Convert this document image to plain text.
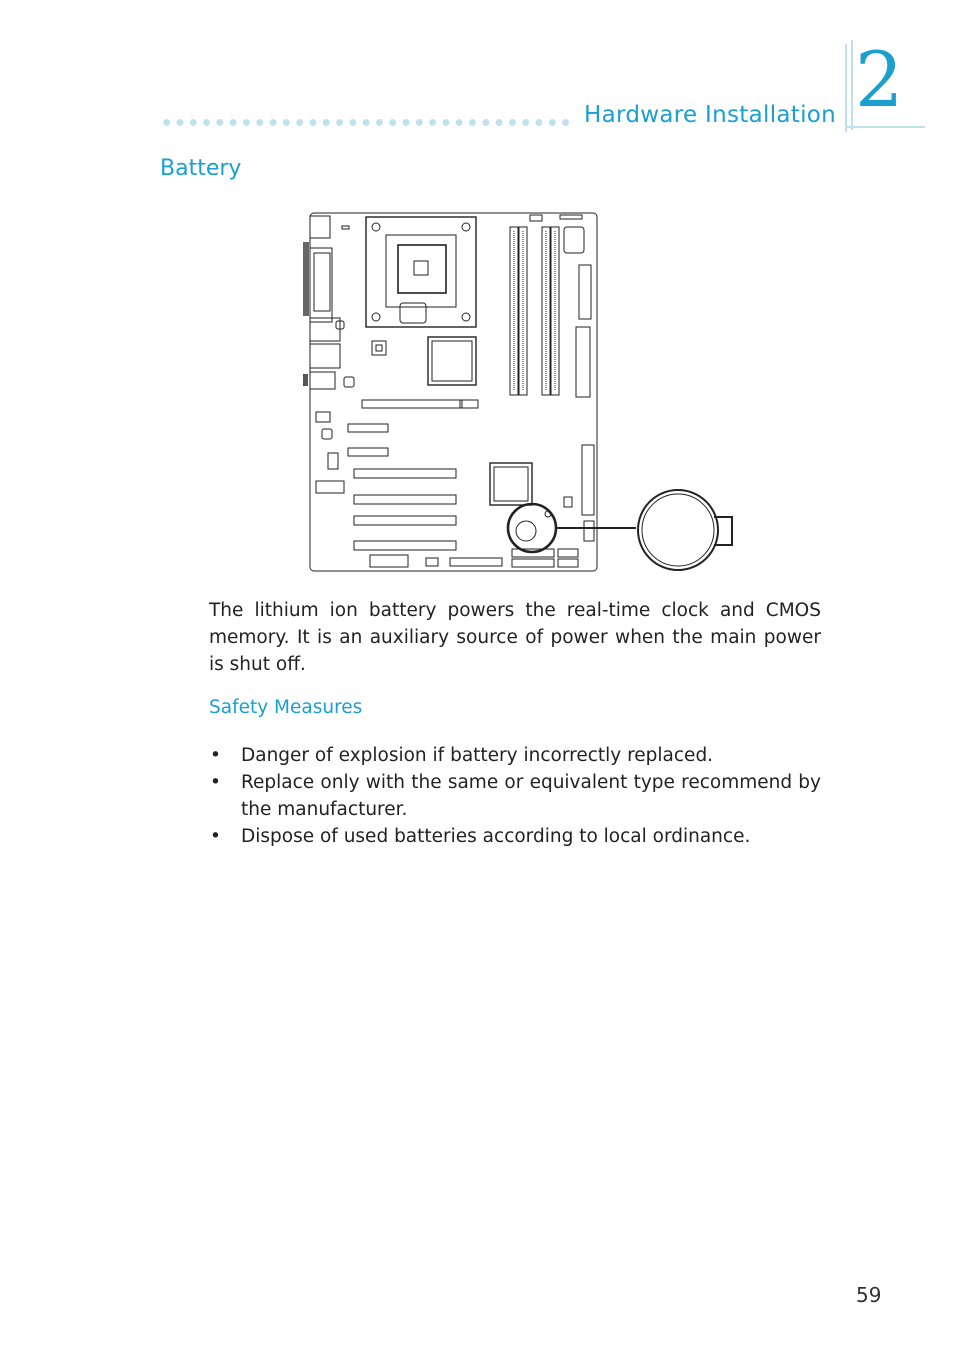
Hardware Installation 2
Battery
The lithium ion battery powers the real-time clock and CMOS memory. It is an auxiliary source of power when the main power is shut off.
Safety Measures
• Danger of explosion if battery incorrectly replaced.
• Replace only with the same or equivalent type recommend by the manufacturer.
• Dispose of used batteries according to local ordinance.
59
